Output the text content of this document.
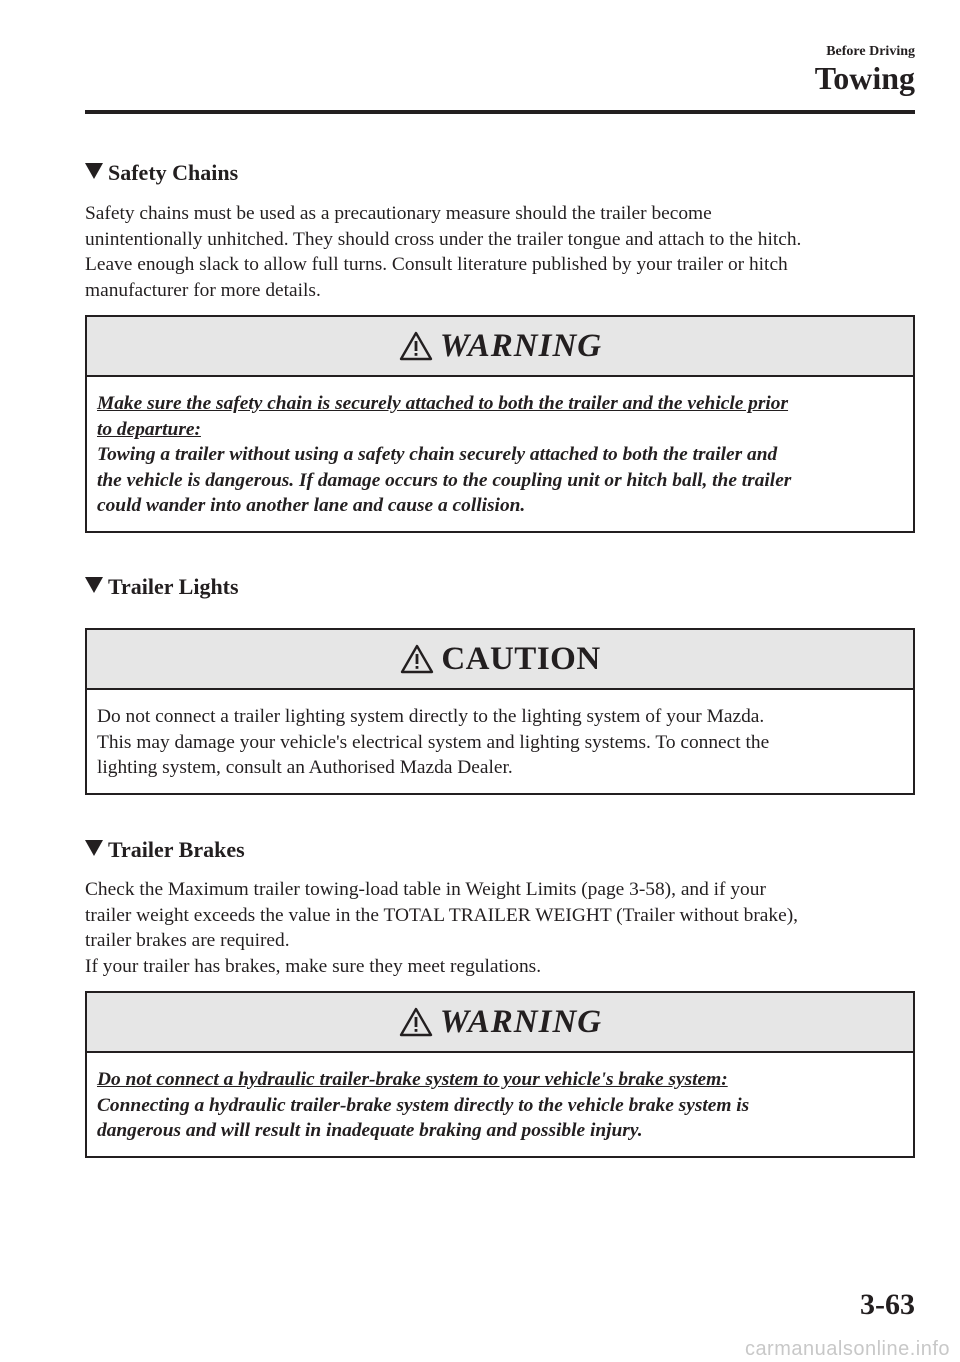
Before Driving
Towing
Safety Chains
Safety chains must be used as a precautionary measure should the trailer become
unintentionally unhitched. They should cross under the trailer tongue and attach to the hitch.
Leave enough slack to allow full turns. Consult literature published by your trailer or hitch
manufacturer for more details.
WARNING
Make sure the safety chain is securely attached to both the trailer and the vehicle prior
to departure:
Towing a trailer without using a safety chain securely attached to both the trailer and
the vehicle is dangerous. If damage occurs to the coupling unit or hitch ball, the trailer
could wander into another lane and cause a collision.
Trailer Lights
CAUTION
Do not connect a trailer lighting system directly to the lighting system of your Mazda.
This may damage your vehicle's electrical system and lighting systems. To connect the
lighting system, consult an Authorised Mazda Dealer.
Trailer Brakes
Check the Maximum trailer towing-load table in Weight Limits (page 3-58), and if your
trailer weight exceeds the value in the TOTAL TRAILER WEIGHT (Trailer without brake),
trailer brakes are required.
If your trailer has brakes, make sure they meet regulations.
WARNING
Do not connect a hydraulic trailer-brake system to your vehicle's brake system:
Connecting a hydraulic trailer-brake system directly to the vehicle brake system is
dangerous and will result in inadequate braking and possible injury.
3-63
carmanualsonline.info
